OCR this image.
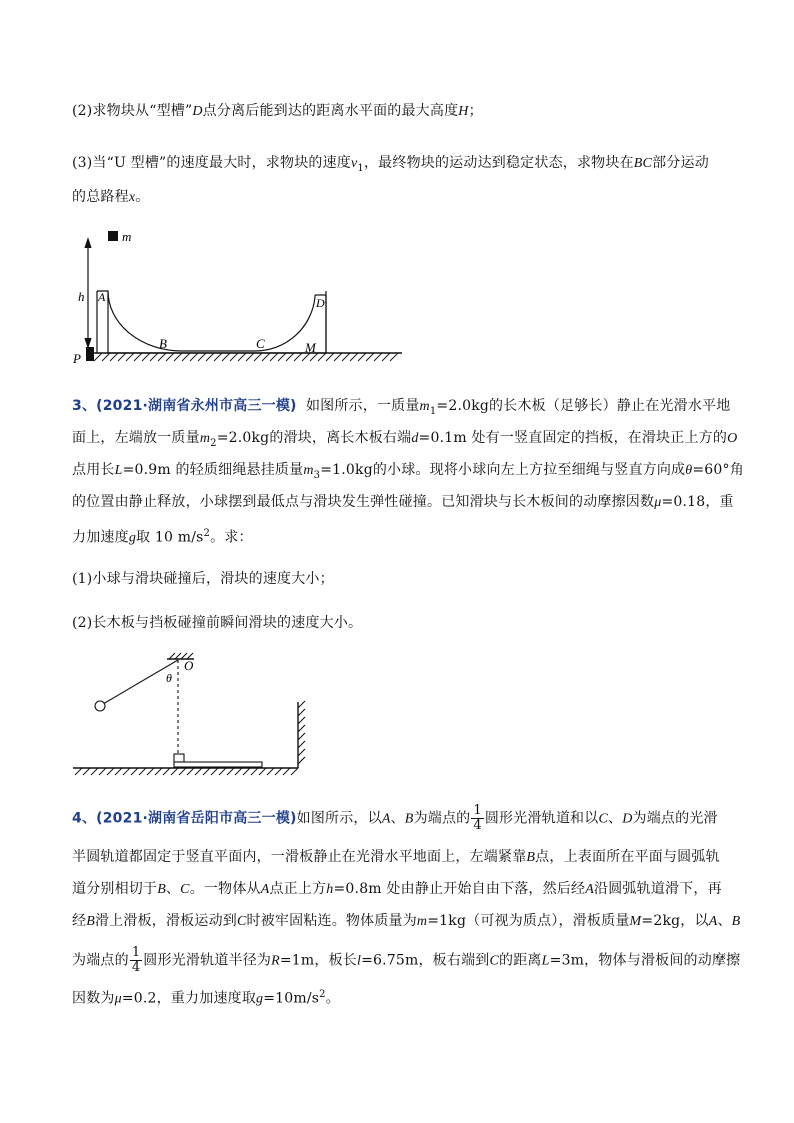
(2)求物块从“型槽”D点分离后能到达的距离水平面的最大高度H；
(3)当“U 型槽”的速度最大时，求物块的速度$v_1$，最终物块的运动达到稳定状态，求物块在BC部分运动
的总路程x。
m
h A
B	C
D
M
P
3、(2021·湖南省永州市高三一模) 如图所示，一质量$m_1=2.0kg$的长木板（足够长）静止在光滑水平地
面上，左端放一质量$m_2=2.0kg$的滑块，离长木板右端d=0.1m 处有一竖直固定的挡板，在滑块正上方的O
点用长L=0.9m 的轻质细绳悬挂质量$m_3=1.0kg$的小球。现将小球向左上方拉至细绳与竖直方向成θ=60°角
的位置由静止释放，小球摆到最低点与滑块发生弹性碰撞。已知滑块与长木板间的动摩擦因数μ=0.18，重
力加速度g取 10 $m/s^2$。求：
(1)小球与滑块碰撞后，滑块的速度大小；
(2)长木板与挡板碰撞前瞬间滑块的速度大小。
O
θ
4、(2021·湖南省岳阳市高三一模)如图所示，以A、B为端点的 $\frac{1}{4}$ 圆形光滑轨道和以C、D为端点的光滑
半圆轨道都固定于竖直平面内，一滑板静止在光滑水平地面上，左端紧靠B点，上表面所在平面与圆弧轨
道分别相切于B、C。一物体从A点正上方h=0.8m 处由静止开始自由下落，然后经A沿圆弧轨道滑下，再
经B滑上滑板，滑板运动到C时被牢固粘连。物体质量为m=1kg（可视为质点），滑板质量M=2kg，以A、B
为端点的 $\frac{1}{4}$ 圆形光滑轨道半径为R=1m，板长l=6.75m，板右端到C的距离L=3m，物体与滑板间的动摩擦
因数为μ=0.2，重力加速度取$g=10m/s^2$。
